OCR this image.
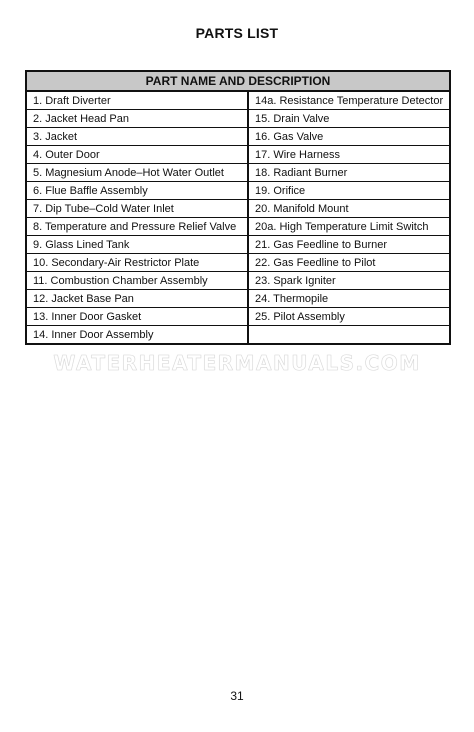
PARTS LIST
PART NAME AND DESCRIPTION	
1. Draft Diverter	14a. Resistance Temperature Detector
2. Jacket Head Pan	15. Drain Valve
3. Jacket	16. Gas Valve
4. Outer Door	17. Wire Harness
5. Magnesium Anode–Hot Water Outlet	18. Radiant Burner
6. Flue Baffle Assembly	19. Orifice
7. Dip Tube–Cold Water Inlet	20. Manifold Mount
8. Temperature and Pressure Relief Valve	20a. High Temperature Limit Switch
9. Glass Lined Tank	21. Gas Feedline to Burner
10. Secondary-Air Restrictor Plate	22. Gas Feedline to Pilot
11. Combustion Chamber Assembly	23. Spark Igniter
12. Jacket Base Pan	24. Thermopile
13. Inner Door Gasket	25. Pilot Assembly
14. Inner Door Assembly	
WATERHEATERMANUALS.COM
31
